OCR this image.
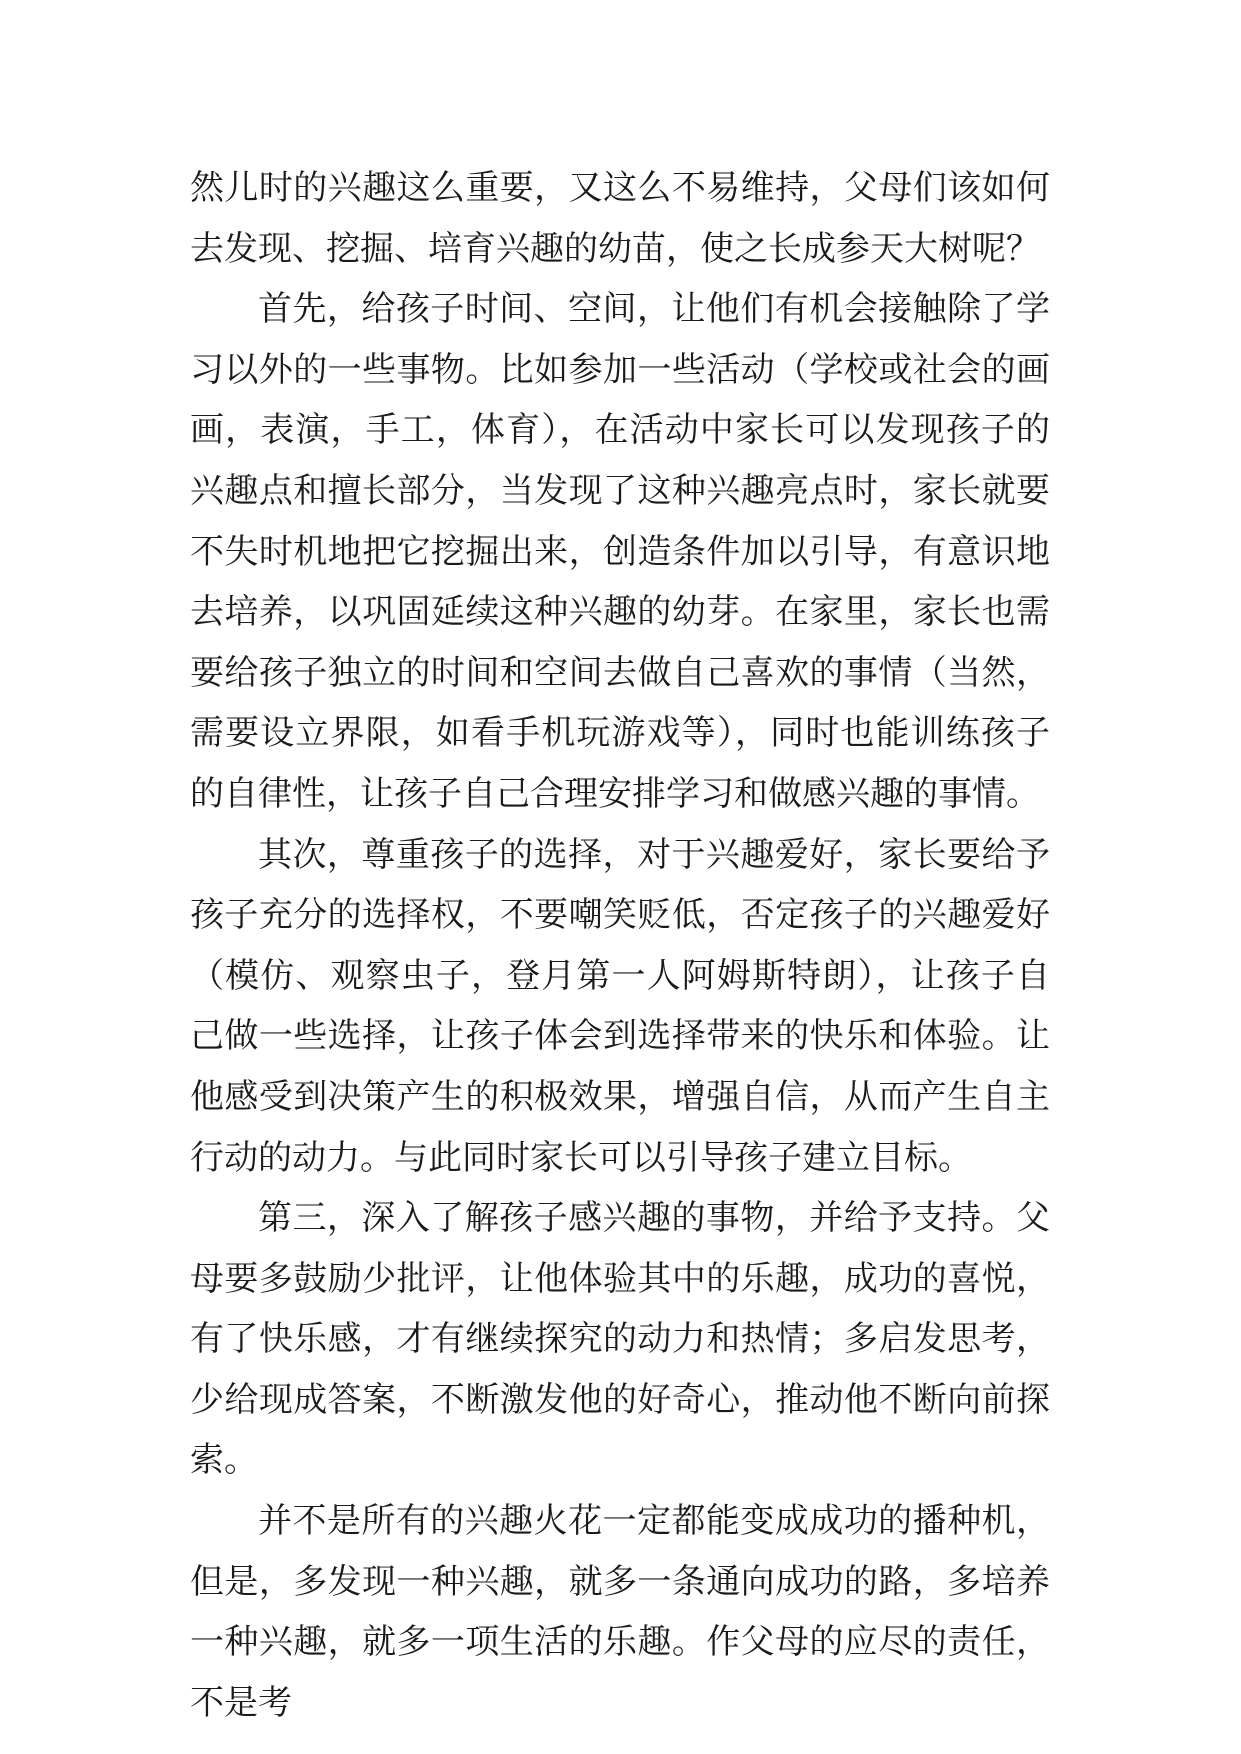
然儿时的兴趣这么重要，又这么不易维持，父母们该如何去发现、挖掘、培育兴趣的幼苗，使之长成参天大树呢？

首先，给孩子时间、空间，让他们有机会接触除了学习以外的一些事物。比如参加一些活动（学校或社会的画画，表演，手工，体育），在活动中家长可以发现孩子的兴趣点和擅长部分，当发现了这种兴趣亮点时，家长就要不失时机地把它挖掘出来，创造条件加以引导，有意识地去培养，以巩固延续这种兴趣的幼芽。在家里，家长也需要给孩子独立的时间和空间去做自己喜欢的事情（当然，需要设立界限，如看手机玩游戏等），同时也能训练孩子的自律性，让孩子自己合理安排学习和做感兴趣的事情。

其次，尊重孩子的选择，对于兴趣爱好，家长要给予孩子充分的选择权，不要嘲笑贬低，否定孩子的兴趣爱好（模仿、观察虫子，登月第一人阿姆斯特朗），让孩子自己做一些选择，让孩子体会到选择带来的快乐和体验。让他感受到决策产生的积极效果，增强自信，从而产生自主行动的动力。与此同时家长可以引导孩子建立目标。

第三，深入了解孩子感兴趣的事物，并给予支持。父母要多鼓励少批评，让他体验其中的乐趣，成功的喜悦，有了快乐感，才有继续探究的动力和热情；多启发思考，少给现成答案，不断激发他的好奇心，推动他不断向前探索。

并不是所有的兴趣火花一定都能变成成功的播种机，但是，多发现一种兴趣，就多一条通向成功的路，多培养一种兴趣，就多一项生活的乐趣。作父母的应尽的责任，不是考
